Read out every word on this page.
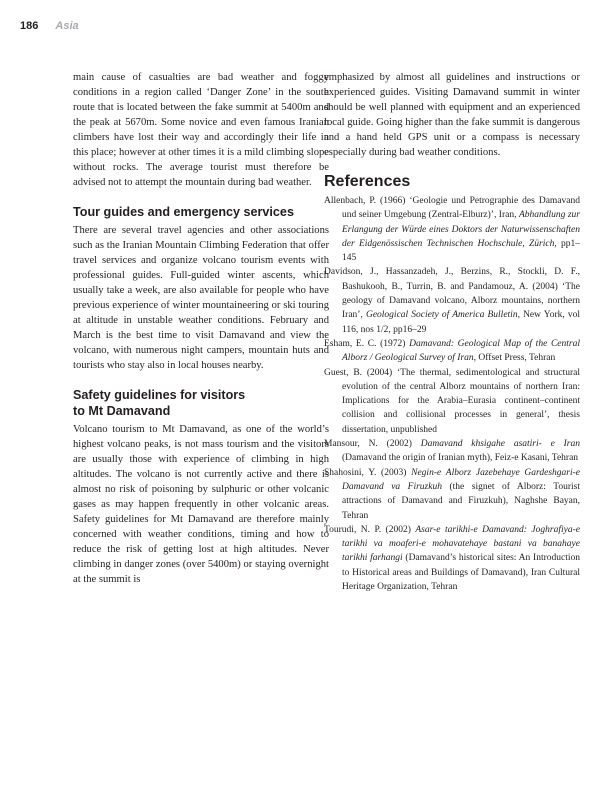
186 Asia

main cause of casualties are bad weather and foggy conditions in a region called ‘Danger Zone’ in the south route that is located between the fake summit at 5400m and the peak at 5670m. Some novice and even famous Iranian climbers have lost their way and accordingly their life in this place; however at other times it is a mild climbing slope without rocks. The average tourist must therefore be advised not to attempt the mountain during bad weather.

Tour guides and emergency services

There are several travel agencies and other associations such as the Iranian Mountain Climbing Federation that offer travel services and organize volcano tourism events with professional guides. Full-guided winter ascents, which usually take a week, are also available for people who have previous experience of winter mountaineering or ski touring at altitude in unstable weather conditions. February and March is the best time to visit Damavand and view the volcano, with numerous night campers, mountain huts and tourists who stay also in local houses nearby.

Safety guidelines for visitors
to Mt Damavand

Volcano tourism to Mt Damavand, as one of the world’s highest volcano peaks, is not mass tourism and the visitors are usually those with experience of climbing in high altitudes. The volcano is not currently active and there is almost no risk of poisoning by sulphuric or other volcanic gases as may happen frequently in other volcanic areas. Safety guidelines for Mt Damavand are therefore mainly concerned with weather conditions, timing and how to reduce the risk of getting lost at high altitudes. Never climbing in danger zones (over 5400m) or staying overnight at the summit is

emphasized by almost all guidelines and instructions or experienced guides. Visiting Damavand summit in winter should be well planned with equipment and an experienced local guide. Going higher than the fake summit is dangerous and a hand held GPS unit or a compass is necessary especially during bad weather conditions.

References

Allenbach, P. (1966) ‘Geologie und Petrographie des Damavand und seiner Umgebung (Zentral-Elburz)’, Iran, Abhandlung zur Erlangung der Würde eines Doktors der Naturwissenschaften der Eidgenössischen Technischen Hochschule, Zürich, pp1–145

Davidson, J., Hassanzadeh, J., Berzins, R., Stockli, D. F., Bashukooh, B., Turrin, B. and Pandamouz, A. (2004) ‘The geology of Damavand volcano, Alborz mountains, northern Iran’, Geological Society of America Bulletin, New York, vol 116, nos 1/2, pp16–29

Esham, E. C. (1972) Damavand: Geological Map of the Central Alborz / Geological Survey of Iran, Offset Press, Tehran

Guest, B. (2004) ‘The thermal, sedimentological and structural evolution of the central Alborz mountains of northern Iran: Implications for the Arabia–Eurasia continent–continent collision and collisional processes in general’, thesis dissertation, unpublished

Mansour, N. (2002) Damavand khsigahe asatiri- e Iran (Damavand the origin of Iranian myth), Feiz-e Kasani, Tehran

Shahosini, Y. (2003) Negin-e Alborz Jazebehaye Gardeshgari-e Damavand va Firuzkuh (the signet of Alborz: Tourist attractions of Damavand and Firuzkuh), Naghshe Bayan, Tehran

Tourudi, N. P. (2002) Asar-e tarikhi-e Damavand: Joghrafiya-e tarikhi va moaferi-e mohavatehaye bastani va banahaye tarikhi farhangi (Damavand’s historical sites: An Introduction to Historical areas and Buildings of Damavand), Iran Cultural Heritage Organization, Tehran
